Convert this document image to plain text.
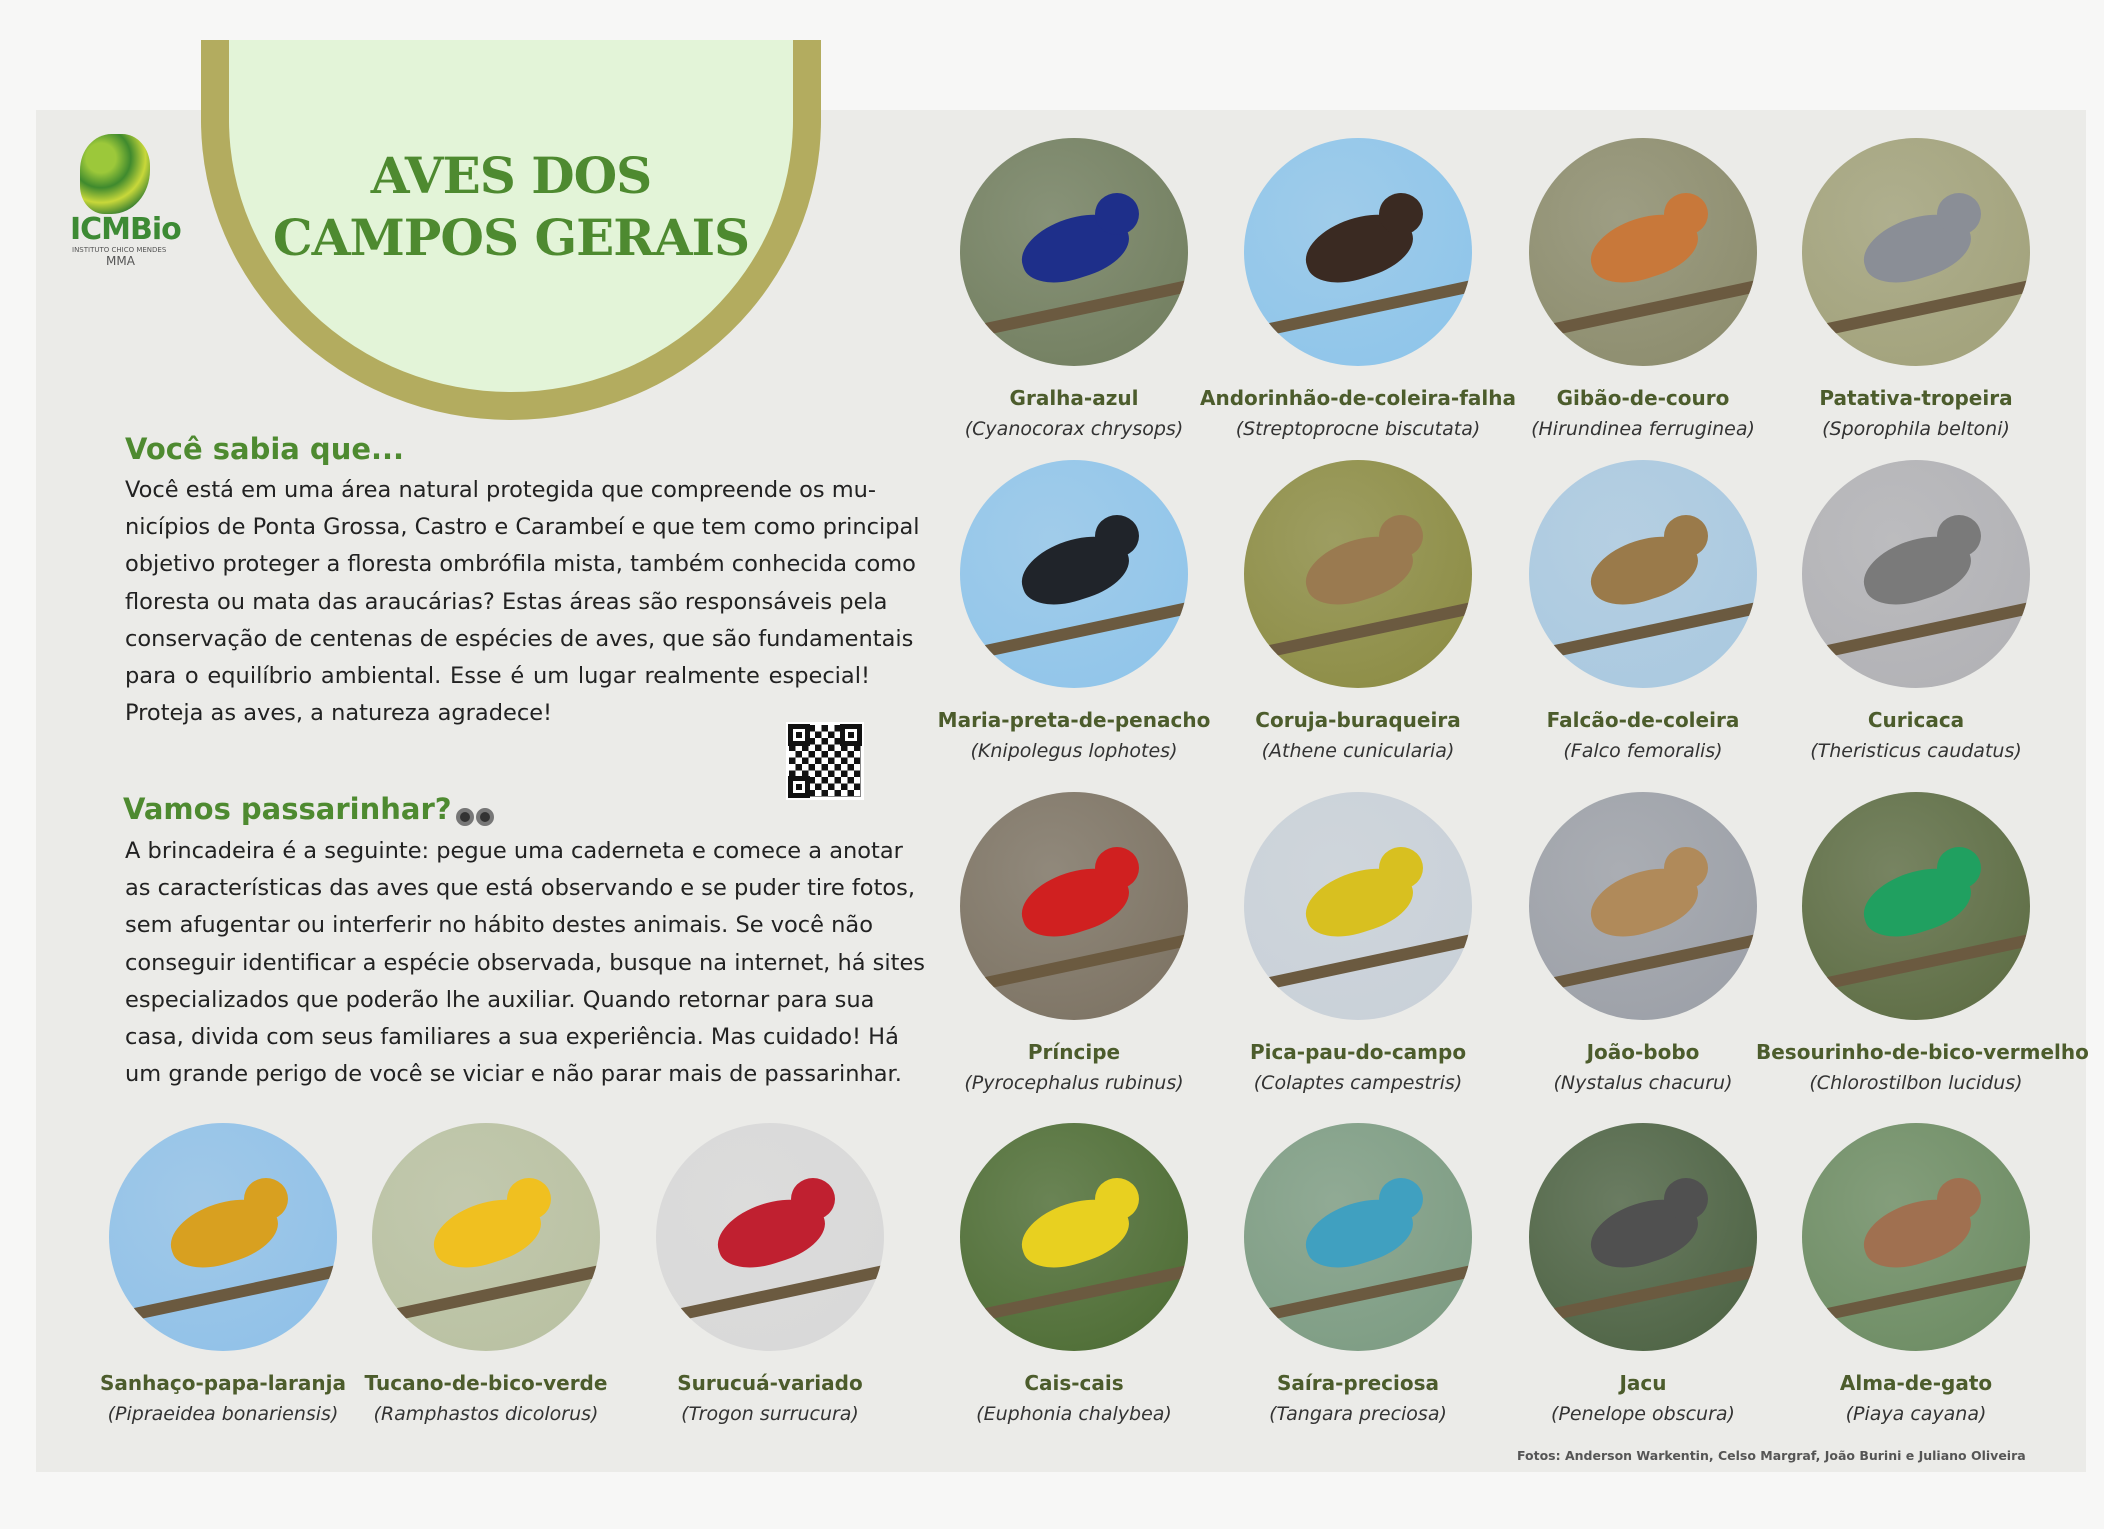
AVES DOS
CAMPOS GERAIS
ICMBio
INSTITUTO CHICO MENDES
MMA
Você sabia que...
Você está em uma área natural protegida que compreende os mu-
nicípios de Ponta Grossa, Castro e Carambeí e que tem como principal
objetivo proteger a floresta ombrófila mista, também conhecida como
floresta ou mata das araucárias? Estas áreas são responsáveis pela
conservação de centenas de espécies de aves, que são fundamentais
para o equilíbrio ambiental. Esse é um lugar realmente especial!
Proteja as aves, a natureza agradece!
Vamos passarinhar?
A brincadeira é a seguinte: pegue uma caderneta e comece a anotar
as características das aves que está observando e se puder tire fotos,
sem afugentar ou interferir no hábito destes animais. Se você não
conseguir identificar a espécie observada, busque na internet, há sites
especializados que poderão lhe auxiliar. Quando retornar para sua
casa, divida com seus familiares a sua experiência. Mas cuidado! Há
um grande perigo de você se viciar e não parar mais de passarinhar.
Gralha-azul
(Cyanocorax chrysops)
Andorinhão-de-coleira-falha
(Streptoprocne biscutata)
Gibão-de-couro
(Hirundinea ferruginea)
Patativa-tropeira
(Sporophila beltoni)
Maria-preta-de-penacho
(Knipolegus lophotes)
Coruja-buraqueira
(Athene cunicularia)
Falcão-de-coleira
(Falco femoralis)
Curicaca
(Theristicus caudatus)
Príncipe
(Pyrocephalus rubinus)
Pica-pau-do-campo
(Colaptes campestris)
João-bobo
(Nystalus chacuru)
Besourinho-de-bico-vermelho
(Chlorostilbon lucidus)
Sanhaço-papa-laranja
(Pipraeidea bonariensis)
Tucano-de-bico-verde
(Ramphastos dicolorus)
Surucuá-variado
(Trogon surrucura)
Cais-cais
(Euphonia chalybea)
Saíra-preciosa
(Tangara preciosa)
Jacu
(Penelope obscura)
Alma-de-gato
(Piaya cayana)
Fotos: Anderson Warkentin, Celso Margraf, João Burini e Juliano Oliveira
